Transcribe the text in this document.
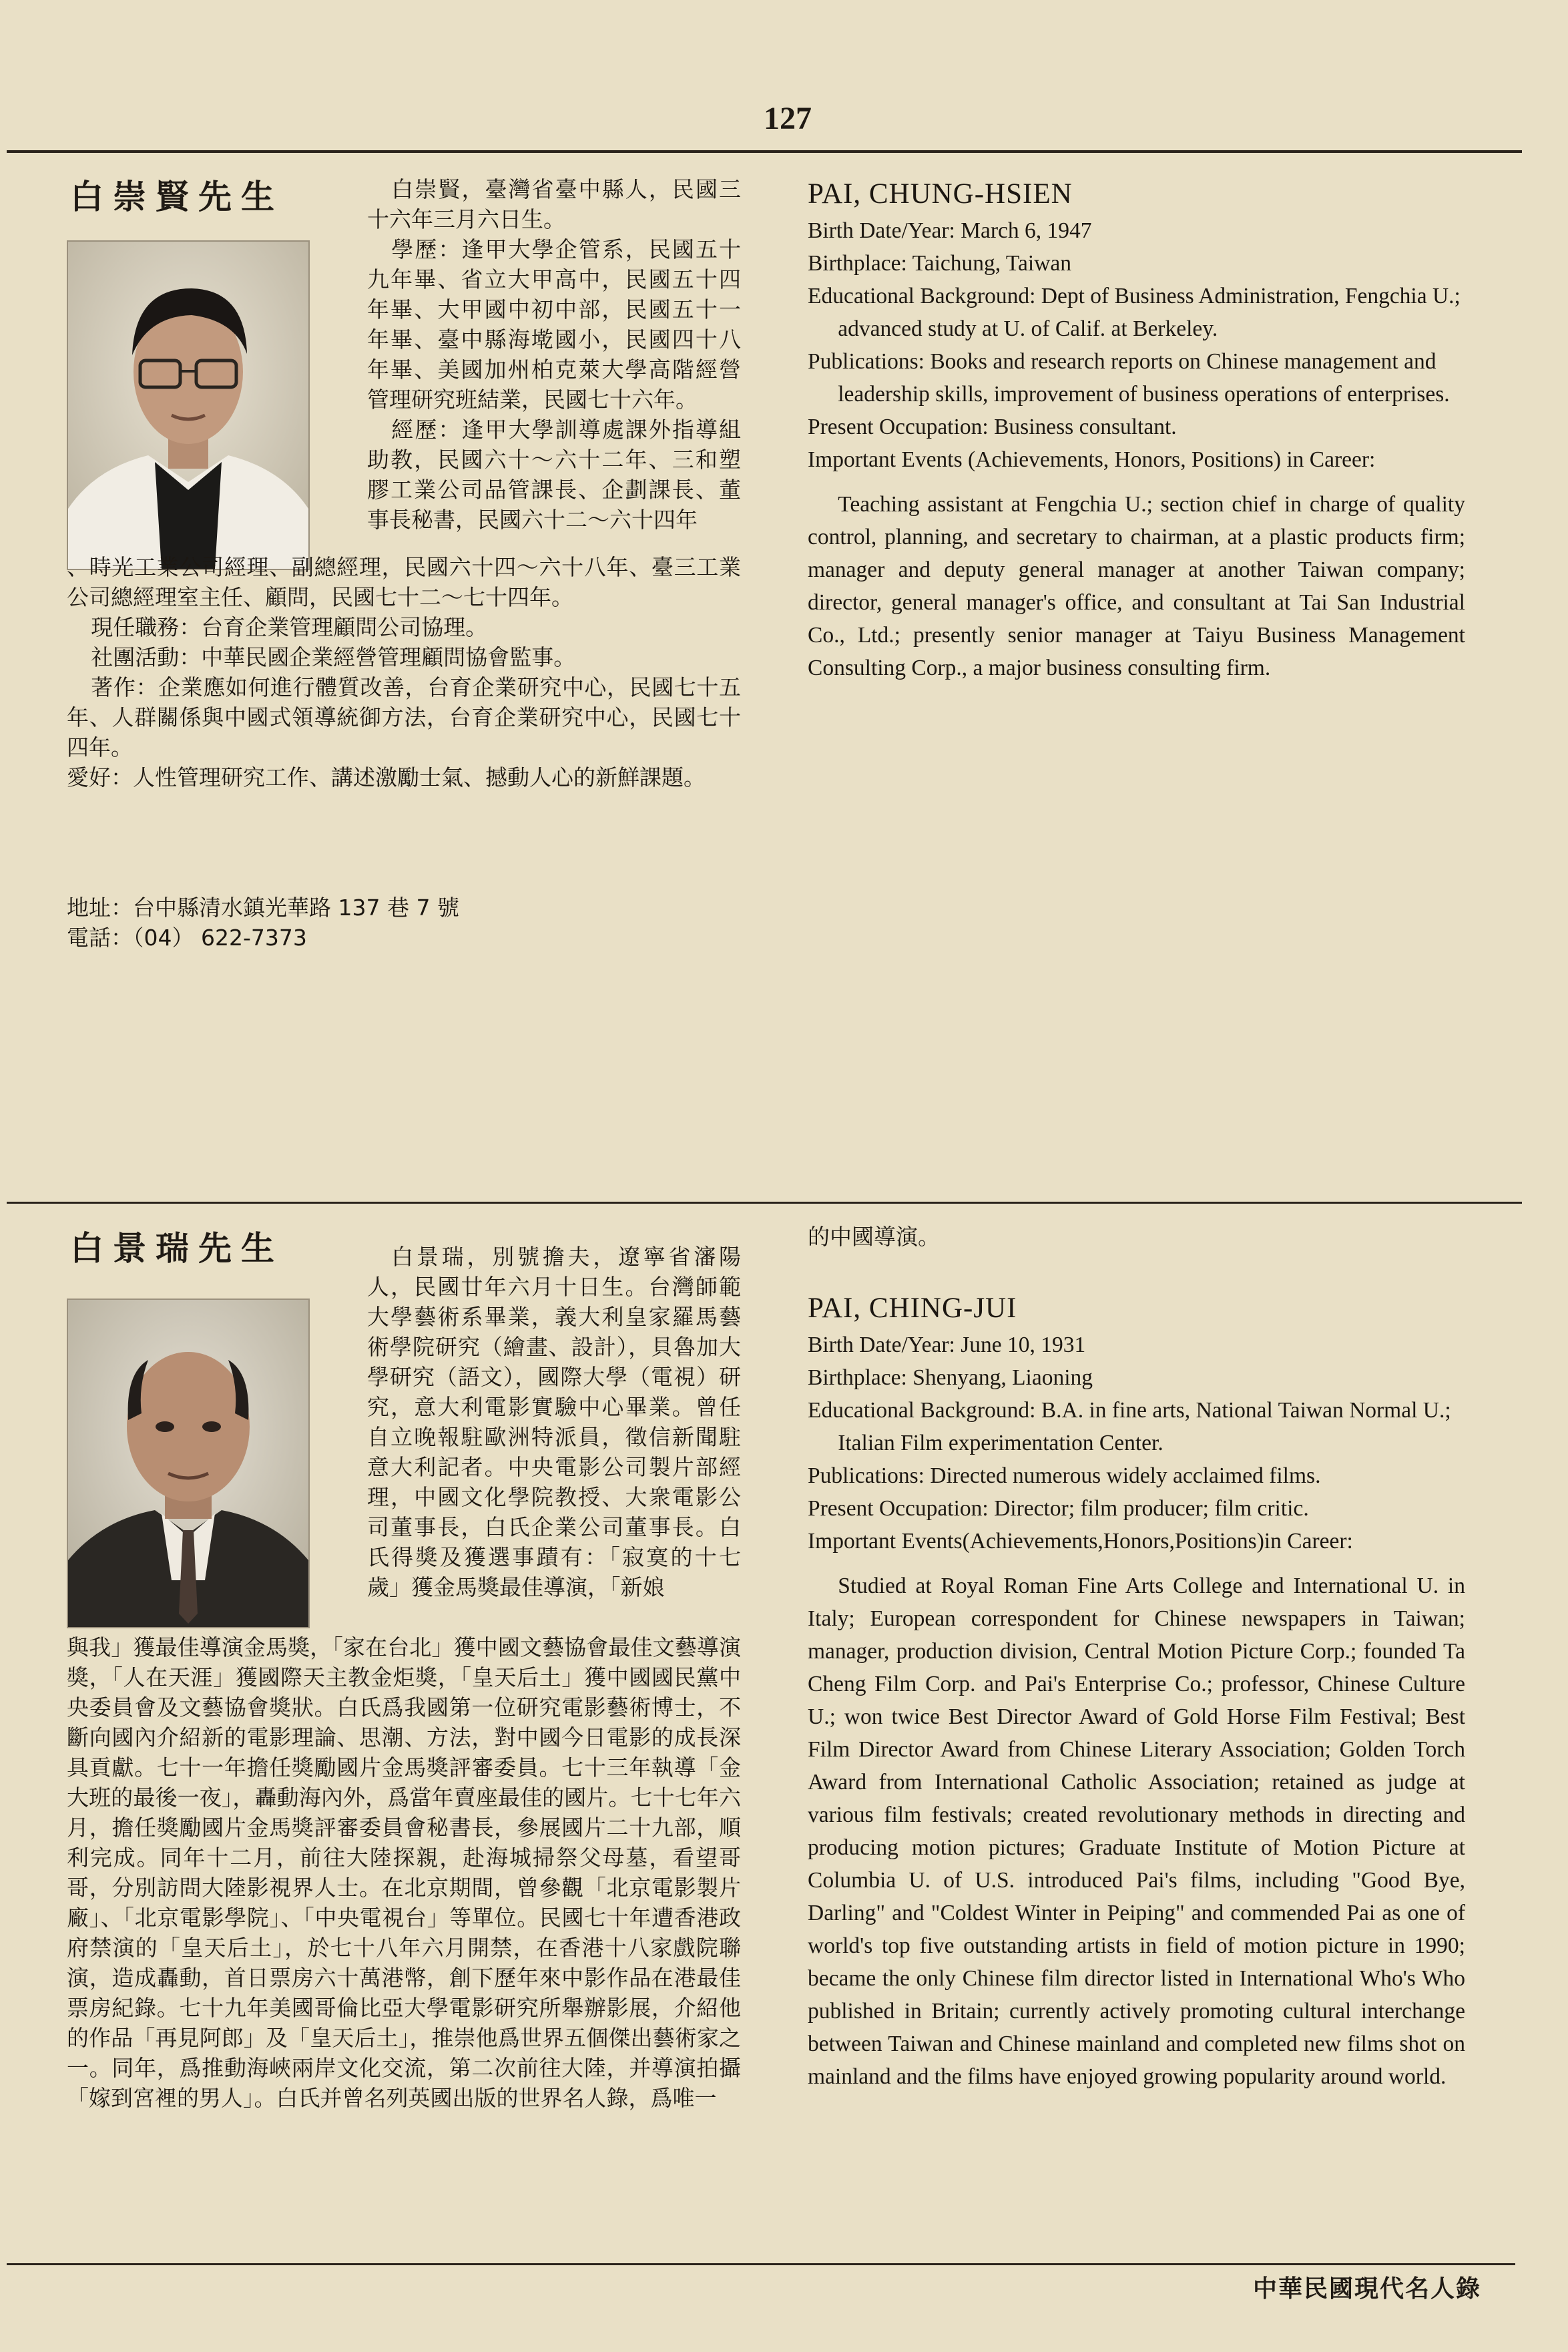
127
白崇賢先生	白崇賢，臺灣省臺中縣人，民國三十六年三月六日生。

學歷：逢甲大學企管系，民國五十九年畢、省立大甲高中，民國五十四年畢、大甲國中初中部，民國五十一年畢、臺中縣海墘國小，民國四十八年畢、美國加州柏克萊大學高階經營管理研究班結業，民國七十六年。

經歷：逢甲大學訓導處課外指導組助教，民國六十～六十二年、三和塑膠工業公司品管課長、企劃課長、董事長秘書，民國六十二～六十四年

、時光工業公司經理、副總經理，民國六十四～六十八年、臺三工業公司總經理室主任、顧問，民國七十二～七十四年。

現任職務：台育企業管理顧問公司協理。

社團活動：中華民國企業經營管理顧問協會監事。

著作：企業應如何進行體質改善，台育企業研究中心，民國七十五年、人群關係與中國式領導統御方法，台育企業研究中心，民國七十四年。

愛好：人性管理研究工作、講述激勵士氣、撼動人心的新鮮課題。

地址：台中縣清水鎮光華路 137 巷 7 號

電話：（04） 622-7373

PAI, CHUNG-HSIEN

Birth Date/Year: March 6, 1947

Birthplace: Taichung, Taiwan

Educational Background: Dept of Business Administration, Fengchia U.; advanced study at U. of Calif. at Berkeley.

Publications: Books and research reports on Chinese management and leadership skills, improvement of business operations of enterprises.

Present Occupation: Business consultant.

Important Events (Achievements, Honors, Positions) in Career:

Teaching assistant at Fengchia U.; section chief in charge of quality control, planning, and secretary to chairman, at a plastic products firm; manager and deputy general manager at another Taiwan company; director, general manager's office, and consultant at Tai San Industrial Co., Ltd.; presently senior manager at Taiyu Business Management Consulting Corp., a major business consulting firm.

白景瑞先生	白景瑞，別號擔夫，遼寧省瀋陽人，民國廿年六月十日生。台灣師範大學藝術系畢業，義大利皇家羅馬藝術學院研究（繪畫、設計），貝魯加大學研究（語文），國際大學（電視）研究，意大利電影實驗中心畢業。曾任自立晚報駐歐洲特派員，徵信新聞駐意大利記者。中央電影公司製片部經理，中國文化學院教授、大衆電影公司董事長，白氏企業公司董事長。白氏得獎及獲選事蹟有：「寂寞的十七歲」獲金馬獎最佳導演，「新娘

與我」獲最佳導演金馬獎，「家在台北」獲中國文藝協會最佳文藝導演獎，「人在天涯」獲國際天主教金炬獎，「皇天后土」獲中國國民黨中央委員會及文藝協會獎狀。白氏爲我國第一位研究電影藝術博士，不斷向國內介紹新的電影理論、思潮、方法，對中國今日電影的成長深具貢獻。七十一年擔任獎勵國片金馬獎評審委員。七十三年執導「金大班的最後一夜」，轟動海內外，爲當年賣座最佳的國片。七十七年六月，擔任獎勵國片金馬獎評審委員會秘書長，參展國片二十九部，順利完成。同年十二月，前往大陸探親，赴海城掃祭父母墓，看望哥哥，分別訪問大陸影視界人士。在北京期間，曾參觀「北京電影製片廠」、「北京電影學院」、「中央電視台」等單位。民國七十年遭香港政府禁演的「皇天后土」，於七十八年六月開禁，在香港十八家戲院聯演，造成轟動，首日票房六十萬港幣，創下歷年來中影作品在港最佳票房紀錄。七十九年美國哥倫比亞大學電影研究所舉辦影展，介紹他的作品「再見阿郎」及「皇天后土」，推崇他爲世界五個傑出藝術家之一。同年，爲推動海峽兩岸文化交流，第二次前往大陸，并導演拍攝「嫁到宮裡的男人」。白氏并曾名列英國出版的世界名人錄，爲唯一

的中國導演。

PAI, CHING-JUI

Birth Date/Year: June 10, 1931

Birthplace: Shenyang, Liaoning

Educational Background: B.A. in fine arts, National Taiwan Normal U.; Italian Film experimentation Center.

Publications: Directed numerous widely acclaimed films.

Present Occupation: Director; film producer; film critic.

Important Events(Achievements,Honors,Positions)in Career:

Studied at Royal Roman Fine Arts College and International U. in Italy; European correspondent for Chinese newspapers in Taiwan; manager, production division, Central Motion Picture Corp.; founded Ta Cheng Film Corp. and Pai's Enterprise Co.; professor, Chinese Culture U.; won twice Best Director Award of Gold Horse Film Festival; Best Film Director Award from Chinese Literary Association; Golden Torch Award from International Catholic Association; retained as judge at various film festivals; created revolutionary methods in directing and producing motion pictures; Graduate Institute of Motion Picture at Columbia U. of U.S. introduced Pai's films, including "Good Bye, Darling" and "Coldest Winter in Peiping" and commended Pai as one of world's top five outstanding artists in field of motion picture in 1990; became the only Chinese film director listed in International Who's Who published in Britain; currently actively promoting cultural interchange between Taiwan and Chinese mainland and completed new films shot on mainland and the films have enjoyed growing popularity around world.

中華民國現代名人錄
